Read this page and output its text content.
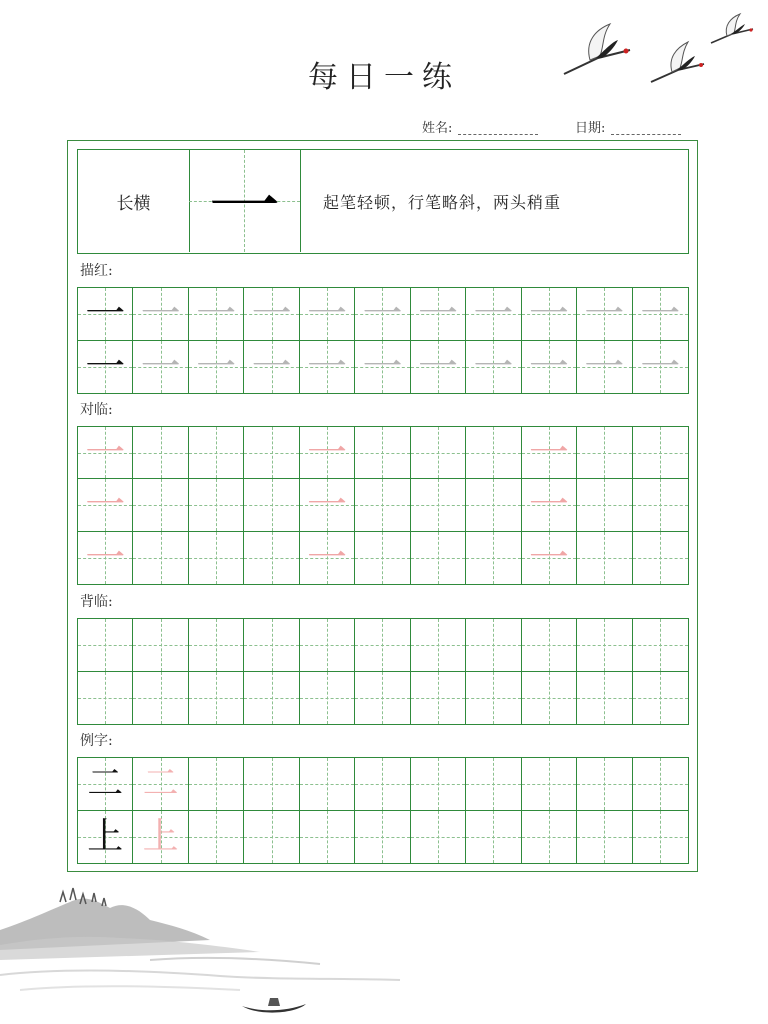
每日一练
姓名:	日期:
长横 一	起笔轻顿，行笔略斜，两头稍重
描红:
对临:
背临:
例字:
一 一 一 一 一 一 一 一 一 一 一
一 一 一 一 一 一 一 一 一 一 一
一	一	一
一	一	一
一	一	一
二 二
上 上
